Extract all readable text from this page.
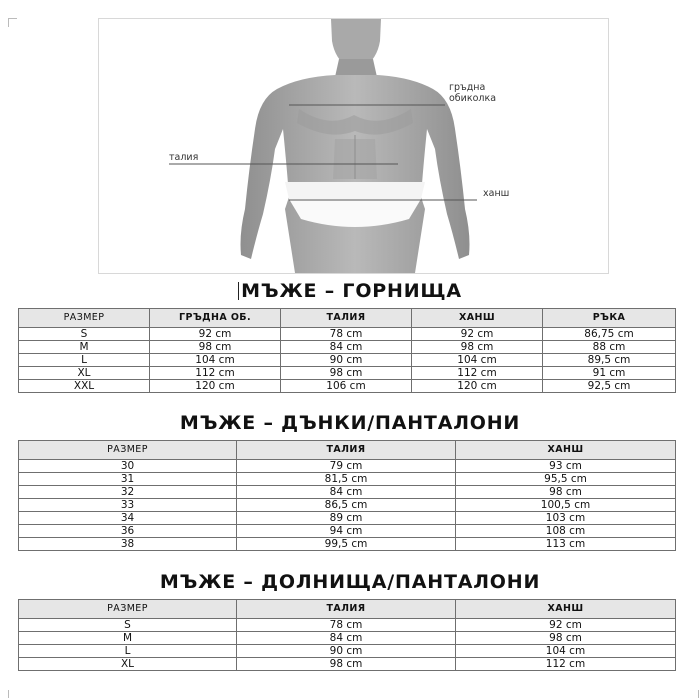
гръдна
обиколка
талия
ханш
МЪЖЕ – ГОРНИЩА
РАЗМЕР	ГРЪДНА ОБ.	ТАЛИЯ	ХАНШ	РЪКА
S	92 cm	78 cm	92 cm	86,75 cm
M	98 cm	84 cm	98 cm	88 cm
L	104 cm	90 cm	104 cm	89,5 cm
XL	112 cm	98 cm	112 cm	91 cm
XXL	120 cm	106 cm	120 cm	92,5 cm
МЪЖЕ – ДЪНКИ/ПАНТАЛОНИ
РАЗМЕР	ТАЛИЯ	ХАНШ
30	79 cm	93 cm
31	81,5 cm	95,5 cm
32	84 cm	98 cm
33	86,5 cm	100,5 cm
34	89 cm	103 cm
36	94 cm	108 cm
38	99,5 cm	113 cm
МЪЖЕ – ДОЛНИЩА/ПАНТАЛОНИ
РАЗМЕР	ТАЛИЯ	ХАНШ
S	78 cm	92 cm
M	84 cm	98 cm
L	90 cm	104 cm
XL	98 cm	112 cm
